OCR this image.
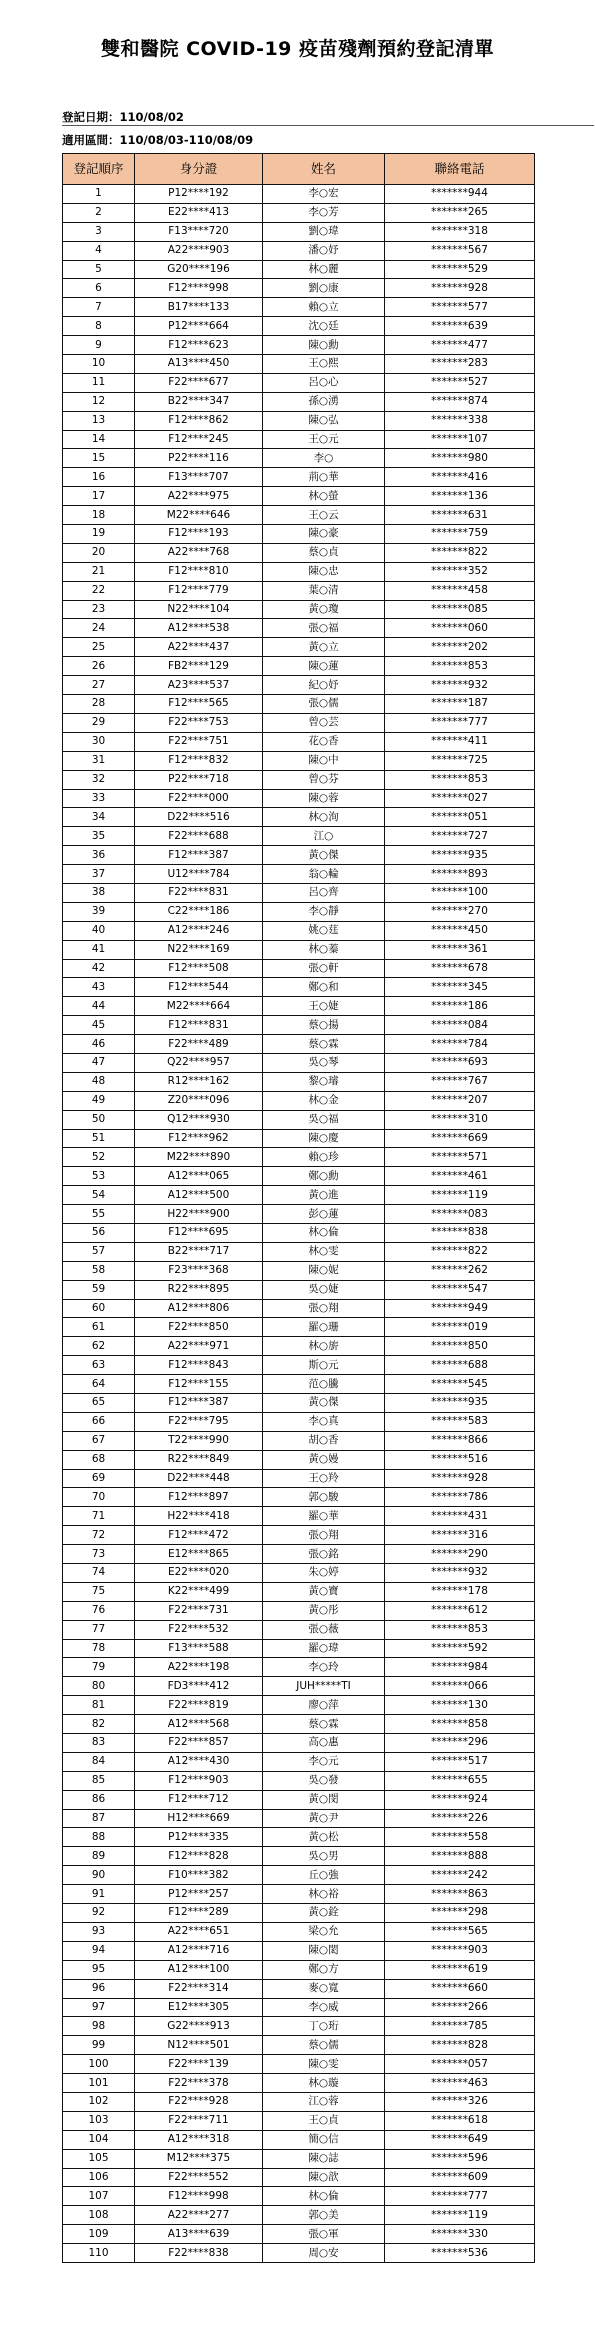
雙和醫院 COVID-19 疫苗殘劑預約登記清單
登記日期：110/08/02
適用區間：110/08/03-110/08/09
登記順序	身分證	姓名	聯絡電話
1	P12****192	李○宏	*******944
2	E22****413	李○芳	*******265
3	F13****720	劉○瑋	*******318
4	A22****903	潘○妤	*******567
5	G20****196	林○麗	*******529
6	F12****998	劉○康	*******928
7	B17****133	賴○立	*******577
8	P12****664	沈○廷	*******639
9	F12****623	陳○勳	*******477
10	A13****450	王○熙	*******283
11	F22****677	呂○心	*******527
12	B22****347	孫○湧	*******874
13	F12****862	陳○弘	*******338
14	F12****245	王○元	*******107
15	P22****116	李○	*******980
16	F13****707	荊○華	*******416
17	A22****975	林○螢	*******136
18	M22****646	王○云	*******631
19	F12****193	陳○豪	*******759
20	A22****768	蔡○貞	*******822
21	F12****810	陳○忠	*******352
22	F12****779	葉○清	*******458
23	N22****104	黃○瓊	*******085
24	A12****538	張○福	*******060
25	A22****437	黃○立	*******202
26	FB2****129	陳○蓮	*******853
27	A23****537	紀○妤	*******932
28	F12****565	張○儒	*******187
29	F22****753	曾○芸	*******777
30	F22****751	花○香	*******411
31	F12****832	陳○中	*******725
32	P22****718	曾○芬	*******853
33	F22****000	陳○蓉	*******027
34	D22****516	林○洵	*******051
35	F22****688	江○	*******727
36	F12****387	黃○傑	*******935
37	U12****784	翁○輪	*******893
38	F22****831	呂○齊	*******100
39	C22****186	李○靜	*******270
40	A12****246	姚○莛	*******450
41	N22****169	林○蓁	*******361
42	F12****508	張○軒	*******678
43	F12****544	鄭○和	*******345
44	M22****664	王○婕	*******186
45	F12****831	蔡○揚	*******084
46	F22****489	蔡○霖	*******784
47	Q22****957	吳○琴	*******693
48	R12****162	黎○璿	*******767
49	Z20****096	林○金	*******207
50	Q12****930	吳○福	*******310
51	F12****962	陳○慶	*******669
52	M22****890	賴○珍	*******571
53	A12****065	鄭○勳	*******461
54	A12****500	黃○進	*******119
55	H22****900	彭○蓮	*******083
56	F12****695	林○倫	*******838
57	B22****717	林○雯	*******822
58	F23****368	陳○妮	*******262
59	R22****895	吳○婕	*******547
60	A12****806	張○翔	*******949
61	F22****850	羅○珊	*******019
62	A22****971	林○旂	*******850
63	F12****843	斯○元	*******688
64	F12****155	范○騰	*******545
65	F12****387	黃○傑	*******935
66	F22****795	李○真	*******583
67	T22****990	胡○香	*******866
68	R22****849	黃○嫚	*******516
69	D22****448	王○羚	*******928
70	F12****897	郭○駿	*******786
71	H22****418	羅○華	*******431
72	F12****472	張○翔	*******316
73	E12****865	張○銘	*******290
74	E22****020	朱○婷	*******932
75	K22****499	黃○寶	*******178
76	F22****731	黃○彤	*******612
77	F22****532	張○薇	*******853
78	F13****588	羅○瑋	*******592
79	A22****198	李○玲	*******984
80	FD3****412	JUH*****TI	*******066
81	F22****819	廖○萍	*******130
82	A12****568	蔡○霖	*******858
83	F22****857	高○惠	*******296
84	A12****430	李○元	*******517
85	F12****903	吳○發	*******655
86	F12****712	黃○閔	*******924
87	H12****669	黃○尹	*******226
88	P12****335	黃○松	*******558
89	F12****828	吳○男	*******888
90	F10****382	丘○強	*******242
91	P12****257	林○裕	*******863
92	F12****289	黃○銓	*******298
93	A22****651	梁○允	*******565
94	A12****716	陳○閎	*******903
95	A12****100	鄭○方	*******619
96	F22****314	麥○寬	*******660
97	E12****305	李○威	*******266
98	G22****913	丁○珩	*******785
99	N12****501	蔡○儒	*******828
100	F22****139	陳○雯	*******057
101	F22****378	林○璇	*******463
102	F22****928	江○蓉	*******326
103	F22****711	王○貞	*******618
104	A12****318	簡○信	*******649
105	M12****375	陳○誌	*******596
106	F22****552	陳○歆	*******609
107	F12****998	林○倫	*******777
108	A22****277	郭○美	*******119
109	A13****639	張○軍	*******330
110	F22****838	周○安	*******536
